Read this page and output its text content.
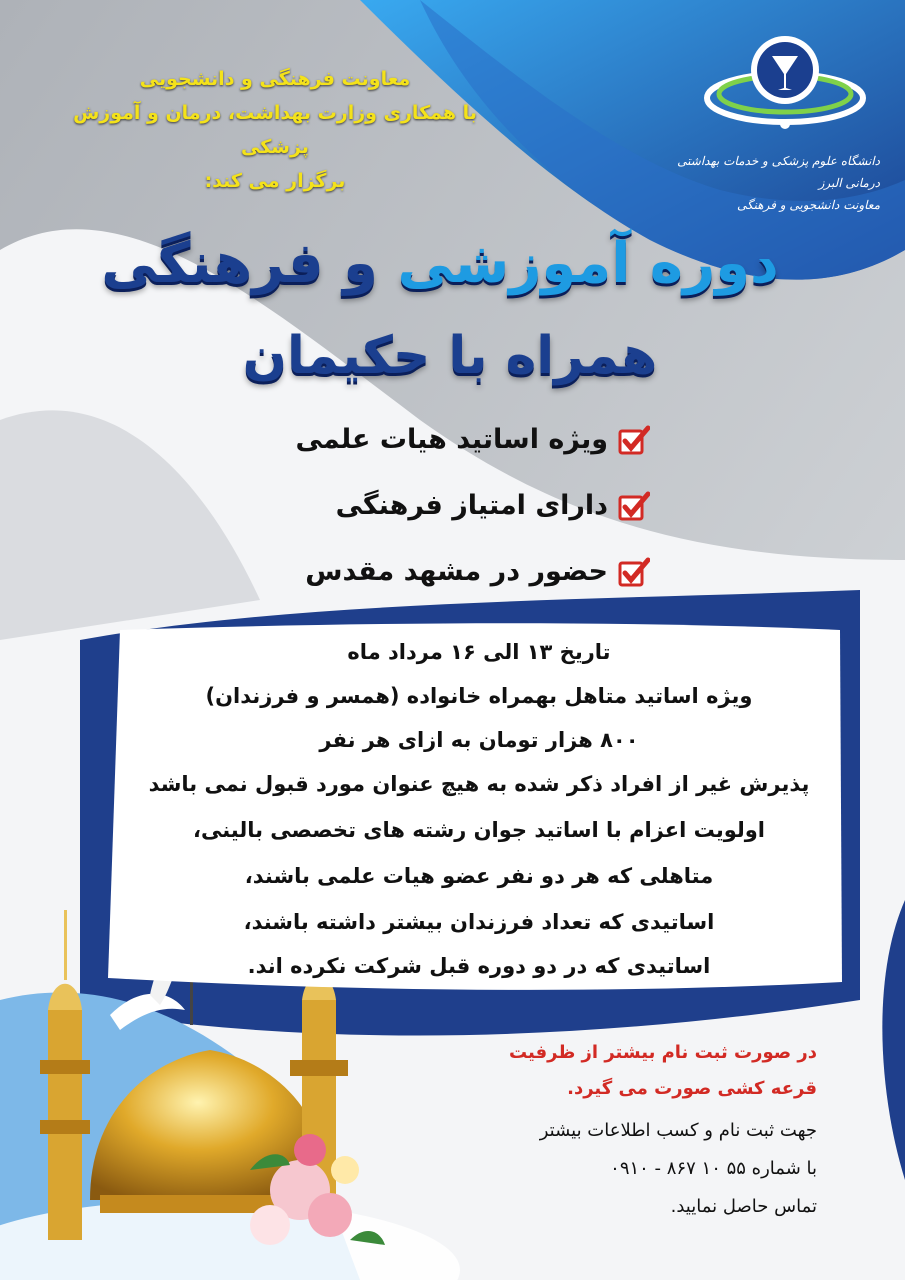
معاونت فرهنگی و دانشجویی
با همکاری وزارت بهداشت، درمان و آموزش پزشکی
برگزار می کند:
دانشگاه علوم پزشکی و خدمات بهداشتی درمانی البرز
معاونت دانشجویی و فرهنگی
دوره آموزشی و فرهنگی
همراه با حکیمان
ویژه اساتید هیات علمی
دارای امتیاز فرهنگی
حضور در مشهد مقدس
تاریخ ۱۳ الی ۱۶ مرداد ماه
ویژه اساتید متاهل بهمراه خانواده (همسر و فرزندان)
۸۰۰ هزار تومان به ازای هر نفر
پذیرش غیر از افراد ذکر شده به هیچ عنوان مورد قبول نمی باشد
اولویت اعزام با اساتید جوان رشته های تخصصی بالینی،
متاهلی که هر دو نفر عضو هیات علمی باشند،
اساتیدی که تعداد فرزندان بیشتر داشته باشند،
اساتیدی که در دو دوره قبل شرکت نکرده اند.
در صورت ثبت نام بیشتر از ظرفیت
قرعه کشی صورت می گیرد.
جهت ثبت نام و کسب اطلاعات بیشتر
با شماره ۵۵ ۱۰ ۸۶۷ - ۰۹۱۰
تماس حاصل نمایید.
